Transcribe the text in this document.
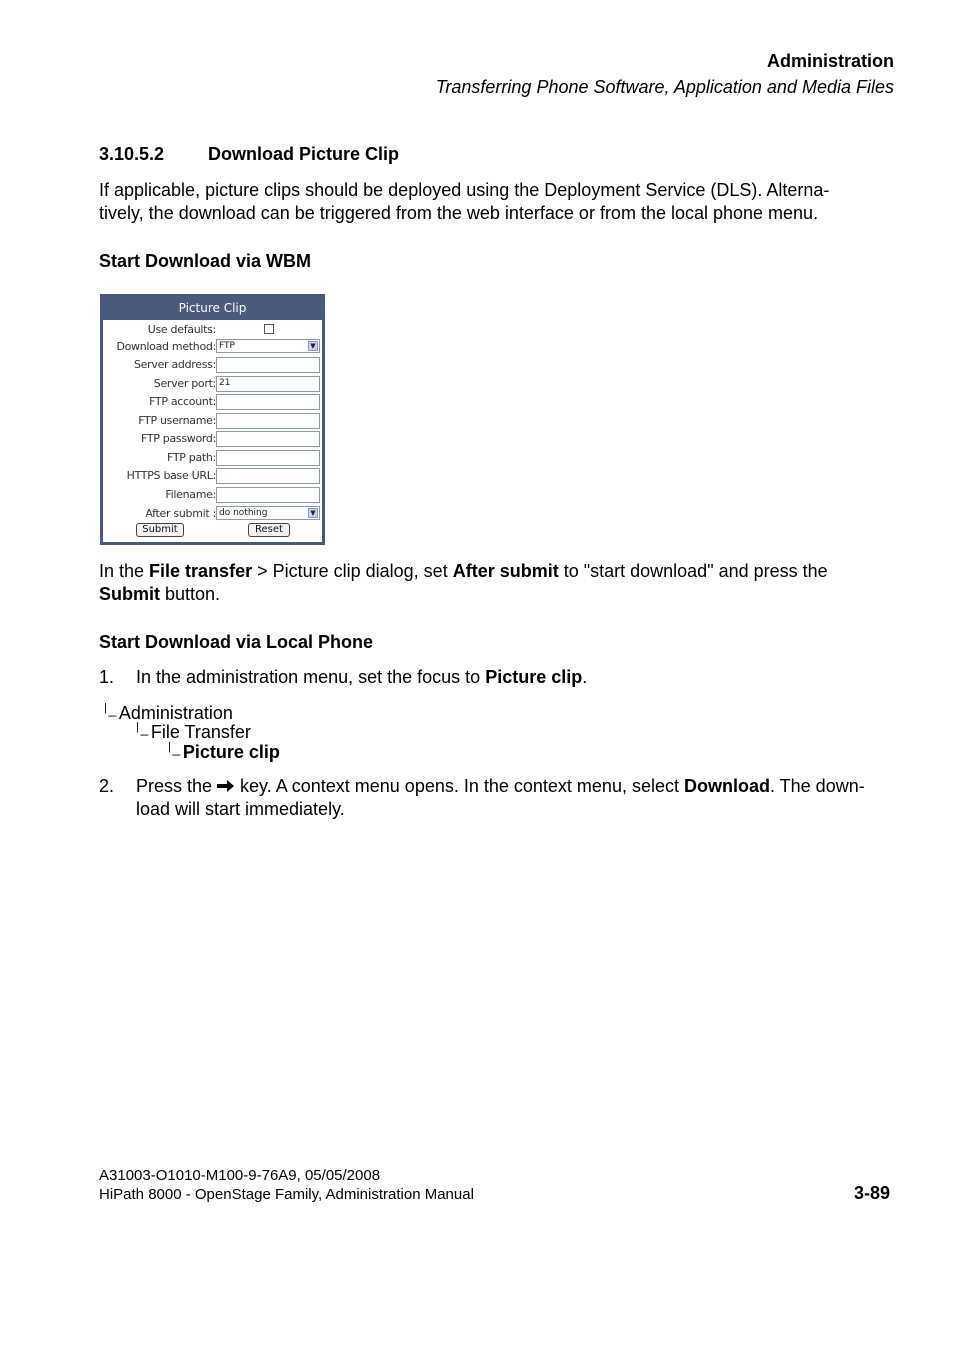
Administration
Transferring Phone Software, Application and Media Files
3.10.5.2 Download Picture Clip
If applicable, picture clips should be deployed using the Deployment Service (DLS). Alterna-
tively, the download can be triggered from the web interface or from the local phone menu.
Start Download via WBM
Picture Clip
Use defaults:
Download method: FTP	▼
Server address:
Server port: 21
FTP account:
FTP username:
FTP password:
FTP path:
HTTPS base URL:
Filename:
After submit : do nothing	▼
Submit	Reset
In the File transfer > Picture clip dialog, set After submit to "start download" and press the
Submit button.
Start Download via Local Phone
1. In the administration menu, set the focus to Picture clip.
|--- Administration
|--- File Transfer
|--- Picture clip
2. Press the  key. A context menu opens. In the context menu, select Download. The down-
load will start immediately.
A31003-O1010-M100-9-76A9, 05/05/2008
HiPath 8000 - OpenStage Family, Administration Manual	3-89
